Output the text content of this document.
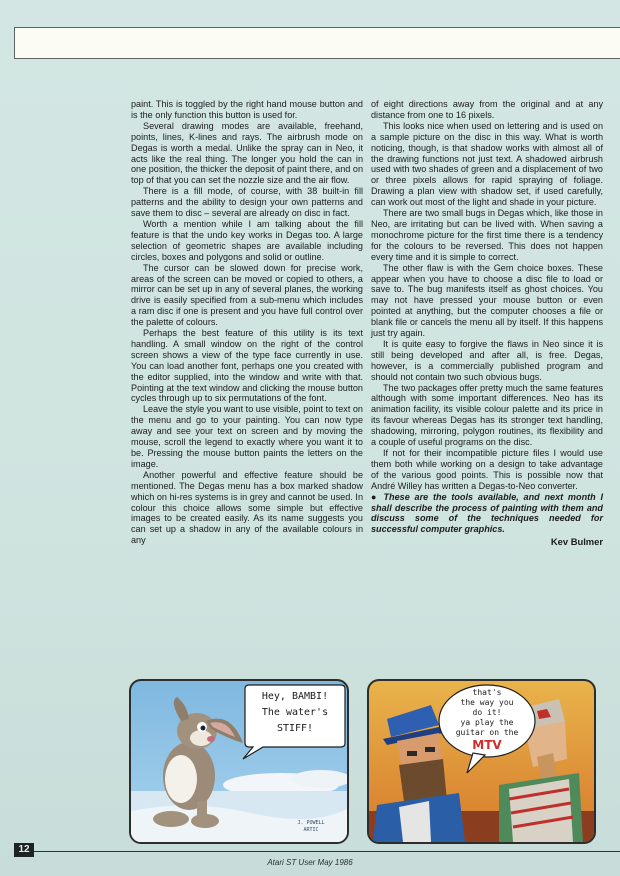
paint. This is toggled by the right hand mouse button and is the only function this button is used for.

Several drawing modes are available, freehand, points, lines, K-lines and rays. The airbrush mode on Degas is worth a medal. Unlike the spray can in Neo, it acts like the real thing. The longer you hold the can in one position, the thicker the deposit of paint there, and on top of that you can set the nozzle size and the air flow.

There is a fill mode, of course, with 38 built-in fill patterns and the ability to design your own patterns and save them to disc – several are already on disc in fact.

Worth a mention while I am talking about the fill feature is that the undo key works in Degas too. A large selection of geometric shapes are available including circles, boxes and polygons and solid or outline.

The cursor can be slowed down for precise work, areas of the screen can be moved or copied to others, a mirror can be set up in any of several planes, the working drive is easily specified from a sub-menu which includes a ram disc if one is present and you have full control over the palette of colours.

Perhaps the best feature of this utility is its text handling. A small window on the right of the control screen shows a view of the type face currently in use. You can load another font, perhaps one you created with the editor supplied, into the window and write with that. Pointing at the text window and clicking the mouse button cycles through up to six permutations of the font.

Leave the style you want to use visible, point to text on the menu and go to your painting. You can now type away and see your text on screen and by moving the mouse, scroll the legend to exactly where you want it to be. Pressing the mouse button paints the letters on the image.

Another powerful and effective feature should be mentioned. The Degas menu has a box marked shadow which on hi-res systems is in grey and cannot be used. In colour this choice allows some simple but effective images to be created easily. As its name suggests you can set up a shadow in any of the available colours in any

of eight directions away from the original and at any distance from one to 16 pixels.

This looks nice when used on lettering and is used on a sample picture on the disc in this way. What is worth noticing, though, is that shadow works with almost all of the drawing functions not just text. A shadowed airbrush used with two shades of green and a displacement of two or three pixels allows for rapid spraying of foliage. Drawing a plan view with shadow set, if used carefully, can work out most of the light and shade in your picture.

There are two small bugs in Degas which, like those in Neo, are irritating but can be lived with. When saving a monochrome picture for the first time there is a tendency for the colours to be reversed. This does not happen every time and it is simple to correct.

The other flaw is with the Gem choice boxes. These appear when you have to choose a disc file to load or save to. The bug manifests itself as ghost choices. You may not have pressed your mouse button or even pointed at anything, but the computer chooses a file or blank file or cancels the menu all by itself. If this happens just try again.

It is quite easy to forgive the flaws in Neo since it is still being developed and after all, is free. Degas, however, is a commercially published program and should not contain two such obvious bugs.

The two packages offer pretty much the same features although with some important differences. Neo has its animation facility, its visible colour palette and its price in its favour whereas Degas has its stronger text handling, shadowing, mirroring, polygon routines, its flexibility and a couple of useful programs on the disc.

If not for their incompatible picture files I would use them both while working on a design to take advantage of the various good points. This is possible now that André Willey has written a Degas-to-Neo converter.

● These are the tools available, and next month I shall describe the process of painting with them and discuss some of the techniques needed for successful computer graphics.

Kev Bulmer
Hey, BAMBI!
The water's
STIFF!
J. POWELL
ARTIC
that's
the way you
do it!
ya play the
guitar on the
MTV
12
Atari ST User May 1986
